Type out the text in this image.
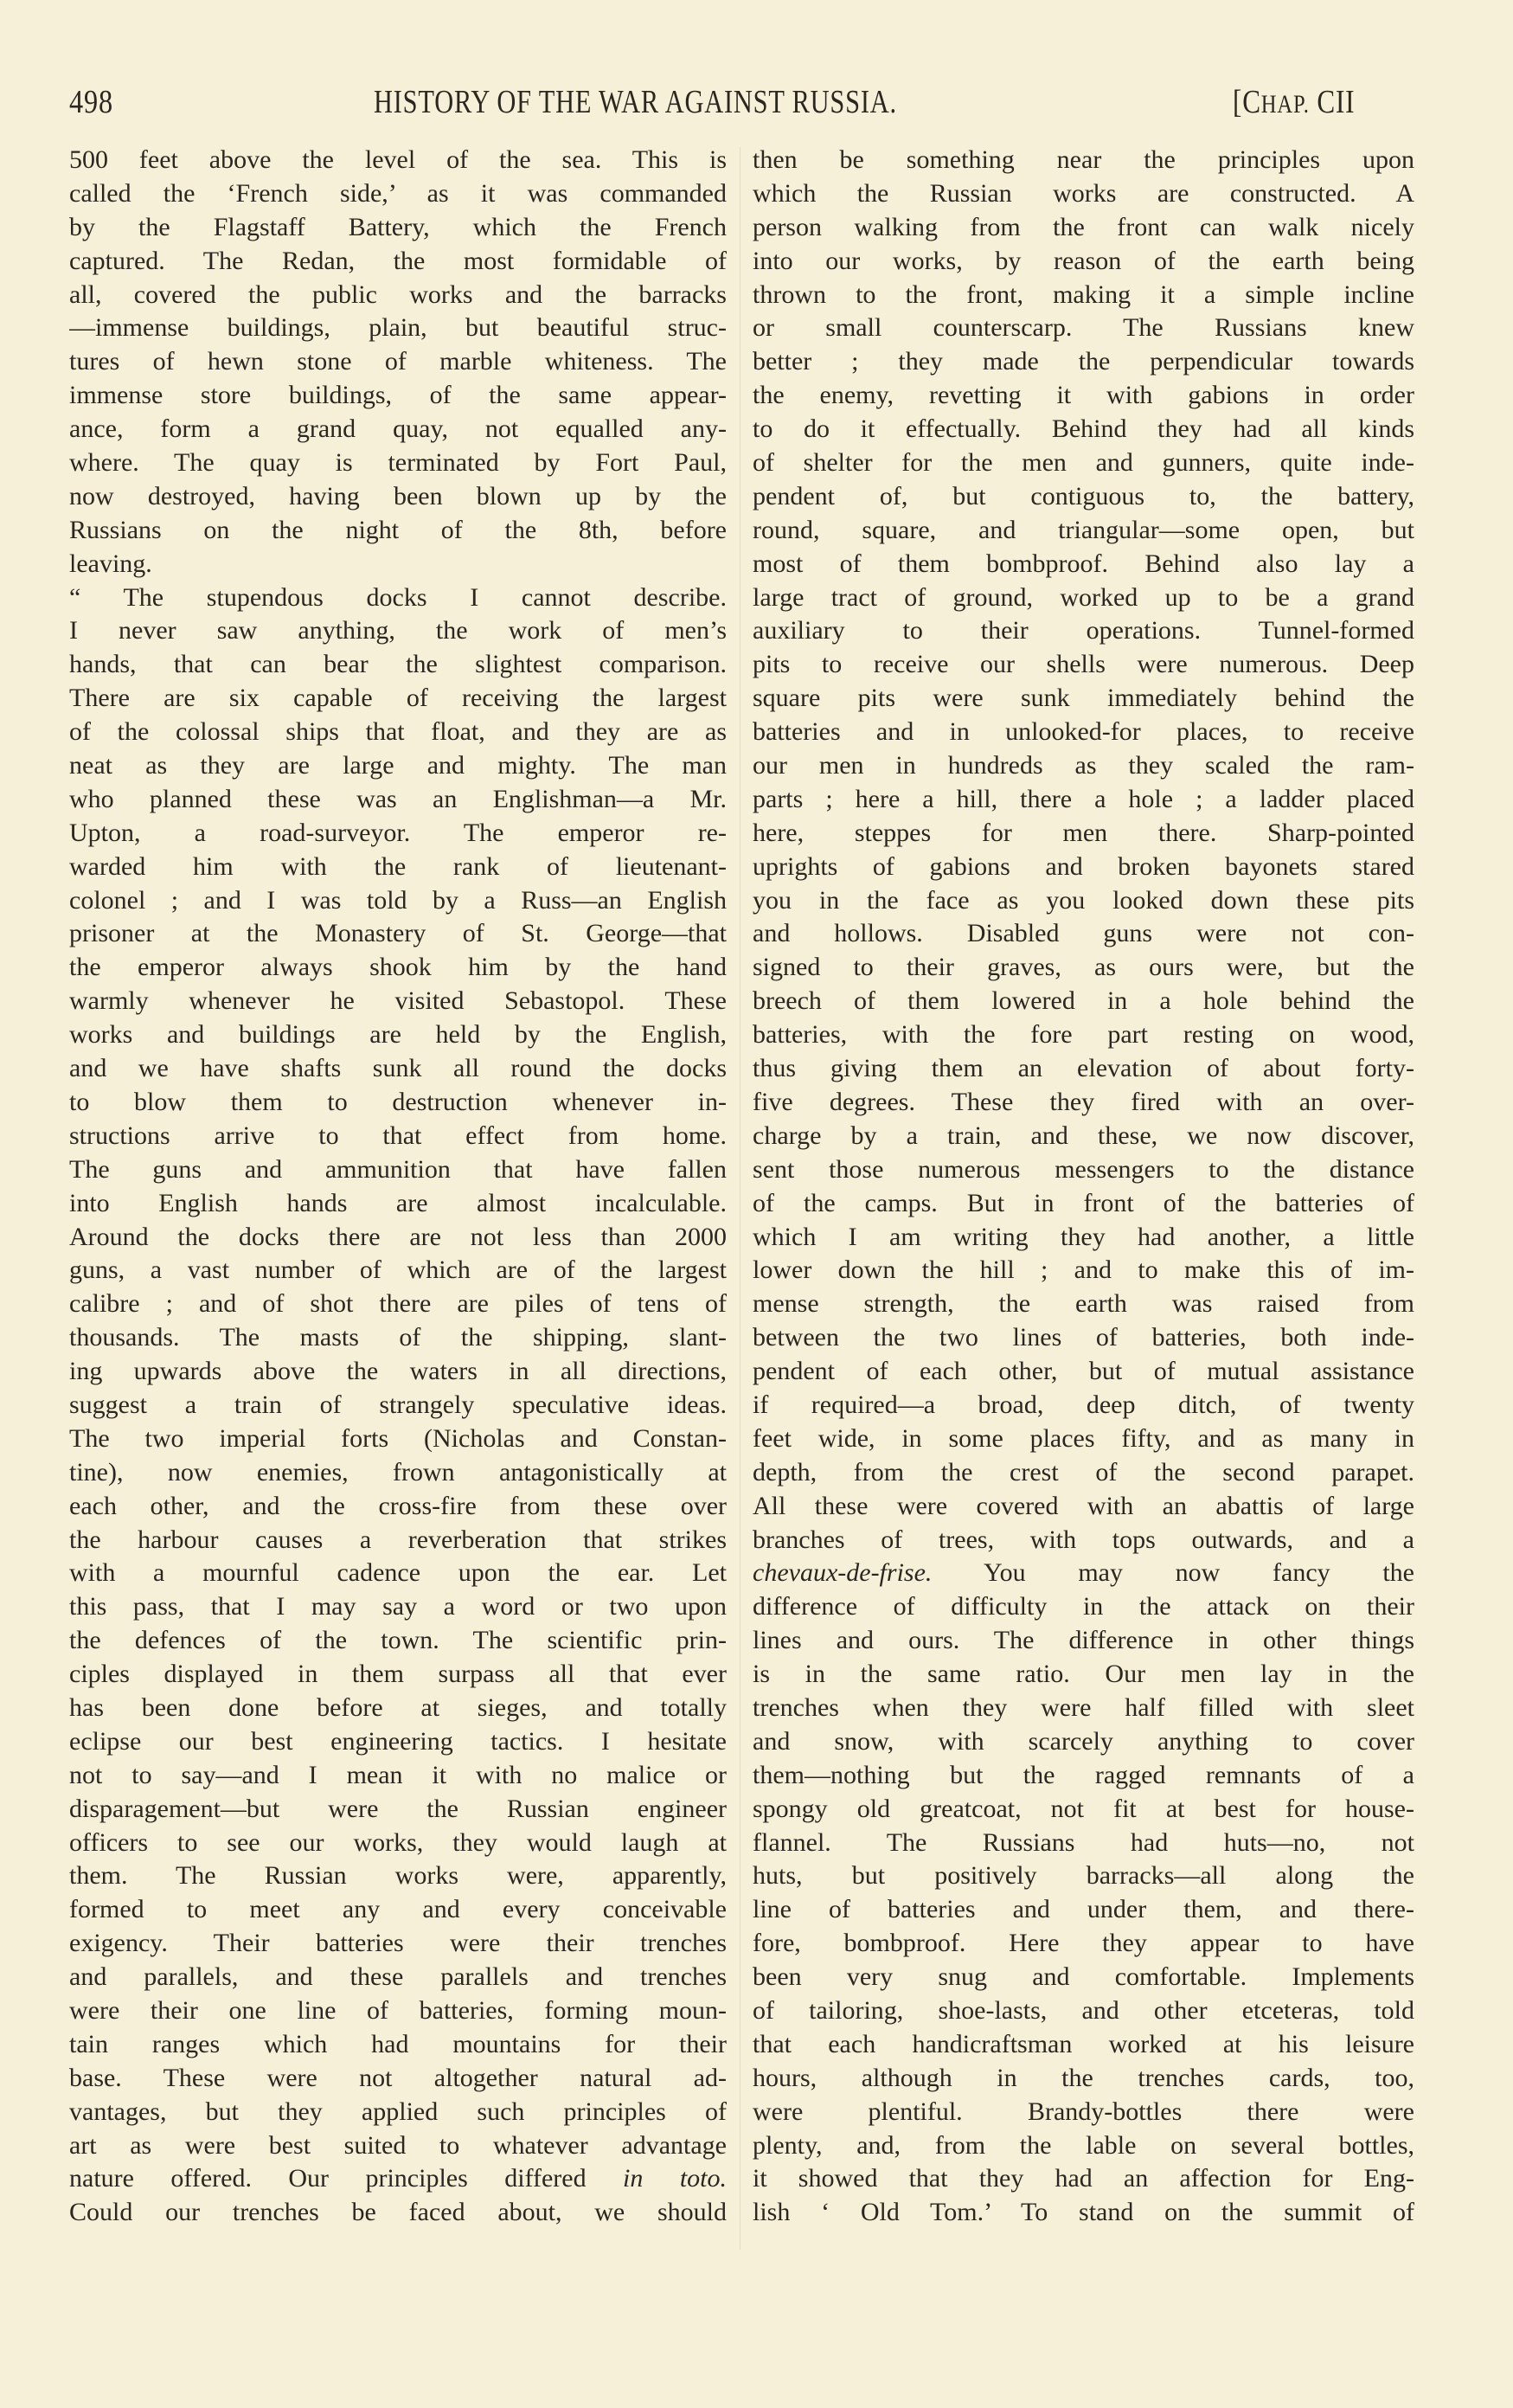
498	HISTORY OF THE WAR AGAINST RUSSIA.	[CHAP. CII
500 feet above the level of the sea. This is
called the ‘French side,’ as it was commanded
by the Flagstaff Battery, which the French
captured. The Redan, the most formidable of
all, covered the public works and the barracks
—immense buildings, plain, but beautiful struc-
tures of hewn stone of marble whiteness. The
immense store buildings, of the same appear-
ance, form a grand quay, not equalled any-
where. The quay is terminated by Fort Paul,
now destroyed, having been blown up by the
Russians on the night of the 8th, before
leaving.
“ The stupendous docks I cannot describe.
I never saw anything, the work of men’s
hands, that can bear the slightest comparison.
There are six capable of receiving the largest
of the colossal ships that float, and they are as
neat as they are large and mighty. The man
who planned these was an Englishman—a Mr.
Upton, a road-surveyor. The emperor re-
warded him with the rank of lieutenant-
colonel ; and I was told by a Russ—an English
prisoner at the Monastery of St. George—that
the emperor always shook him by the hand
warmly whenever he visited Sebastopol. These
works and buildings are held by the English,
and we have shafts sunk all round the docks
to blow them to destruction whenever in-
structions arrive to that effect from home.
The guns and ammunition that have fallen
into English hands are almost incalculable.
Around the docks there are not less than 2000
guns, a vast number of which are of the largest
calibre ; and of shot there are piles of tens of
thousands. The masts of the shipping, slant-
ing upwards above the waters in all directions,
suggest a train of strangely speculative ideas.
The two imperial forts (Nicholas and Constan-
tine), now enemies, frown antagonistically at
each other, and the cross-fire from these over
the harbour causes a reverberation that strikes
with a mournful cadence upon the ear. Let
this pass, that I may say a word or two upon
the defences of the town. The scientific prin-
ciples displayed in them surpass all that ever
has been done before at sieges, and totally
eclipse our best engineering tactics. I hesitate
not to say—and I mean it with no malice or
disparagement—but were the Russian engineer
officers to see our works, they would laugh at
them. The Russian works were, apparently,
formed to meet any and every conceivable
exigency. Their batteries were their trenches
and parallels, and these parallels and trenches
were their one line of batteries, forming moun-
tain ranges which had mountains for their
base. These were not altogether natural ad-
vantages, but they applied such principles of
art as were best suited to whatever advantage
nature offered. Our principles differed in toto.
Could our trenches be faced about, we should
then be something near the principles upon
which the Russian works are constructed. A
person walking from the front can walk nicely
into our works, by reason of the earth being
thrown to the front, making it a simple incline
or small counterscarp. The Russians knew
better ; they made the perpendicular towards
the enemy, revetting it with gabions in order
to do it effectually. Behind they had all kinds
of shelter for the men and gunners, quite inde-
pendent of, but contiguous to, the battery,
round, square, and triangular—some open, but
most of them bombproof. Behind also lay a
large tract of ground, worked up to be a grand
auxiliary to their operations. Tunnel-formed
pits to receive our shells were numerous. Deep
square pits were sunk immediately behind the
batteries and in unlooked-for places, to receive
our men in hundreds as they scaled the ram-
parts ; here a hill, there a hole ; a ladder placed
here, steppes for men there. Sharp-pointed
uprights of gabions and broken bayonets stared
you in the face as you looked down these pits
and hollows. Disabled guns were not con-
signed to their graves, as ours were, but the
breech of them lowered in a hole behind the
batteries, with the fore part resting on wood,
thus giving them an elevation of about forty-
five degrees. These they fired with an over-
charge by a train, and these, we now discover,
sent those numerous messengers to the distance
of the camps. But in front of the batteries of
which I am writing they had another, a little
lower down the hill ; and to make this of im-
mense strength, the earth was raised from
between the two lines of batteries, both inde-
pendent of each other, but of mutual assistance
if required—a broad, deep ditch, of twenty
feet wide, in some places fifty, and as many in
depth, from the crest of the second parapet.
All these were covered with an abattis of large
branches of trees, with tops outwards, and a
chevaux-de-frise. You may now fancy the
difference of difficulty in the attack on their
lines and ours. The difference in other things
is in the same ratio. Our men lay in the
trenches when they were half filled with sleet
and snow, with scarcely anything to cover
them—nothing but the ragged remnants of a
spongy old greatcoat, not fit at best for house-
flannel. The Russians had huts—no, not
huts, but positively barracks—all along the
line of batteries and under them, and there-
fore, bombproof. Here they appear to have
been very snug and comfortable. Implements
of tailoring, shoe-lasts, and other etceteras, told
that each handicraftsman worked at his leisure
hours, although in the trenches cards, too,
were plentiful. Brandy-bottles there were
plenty, and, from the lable on several bottles,
it showed that they had an affection for Eng-
lish ‘ Old Tom.’ To stand on the summit of
